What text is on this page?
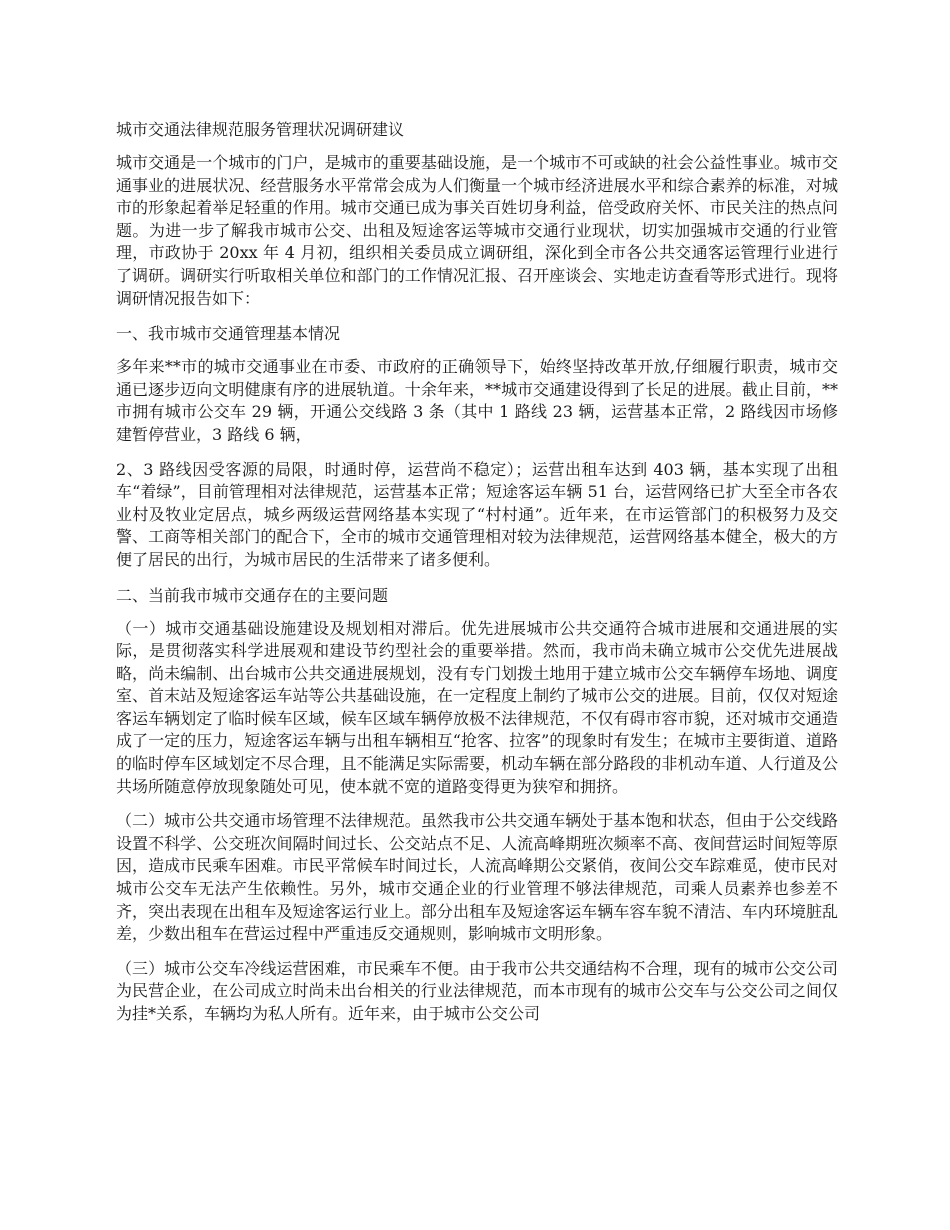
城市交通法律规范服务管理状况调研建议

城市交通是一个城市的门户，是城市的重要基础设施，是一个城市不可或缺的社会公益性事业。城市交通事业的进展状况、经营服务水平常常会成为人们衡量一个城市经济进展水平和综合素养的标准，对城市的形象起着举足轻重的作用。城市交通已成为事关百姓切身利益，倍受政府关怀、市民关注的热点问题。为进一步了解我市城市公交、出租及短途客运等城市交通行业现状，切实加强城市交通的行业管理，市政协于 20xx 年 4 月初，组织相关委员成立调研组，深化到全市各公共交通客运管理行业进行了调研。调研实行听取相关单位和部门的工作情况汇报、召开座谈会、实地走访查看等形式进行。现将调研情况报告如下：

一、我市城市交通管理基本情况

多年来**市的城市交通事业在市委、市政府的正确领导下，始终坚持改革开放,仔细履行职责，城市交通已逐步迈向文明健康有序的进展轨道。十余年来，**城市交通建设得到了长足的进展。截止目前，**市拥有城市公交车 29 辆，开通公交线路 3 条（其中 1 路线 23 辆，运营基本正常，2 路线因市场修建暂停营业，3 路线 6 辆，

2、3 路线因受客源的局限，时通时停，运营尚不稳定）；运营出租车达到 403 辆，基本实现了出租车“着绿”，目前管理相对法律规范，运营基本正常；短途客运车辆 51 台，运营网络已扩大至全市各农业村及牧业定居点，城乡两级运营网络基本实现了“村村通”。近年来，在市运管部门的积极努力及交警、工商等相关部门的配合下，全市的城市交通管理相对较为法律规范，运营网络基本健全，极大的方便了居民的出行，为城市居民的生活带来了诸多便利。

二、当前我市城市交通存在的主要问题

（一）城市交通基础设施建设及规划相对滞后。优先进展城市公共交通符合城市进展和交通进展的实际，是贯彻落实科学进展观和建设节约型社会的重要举措。然而，我市尚未确立城市公交优先进展战略，尚未编制、出台城市公共交通进展规划，没有专门划拨土地用于建立城市公交车辆停车场地、调度室、首末站及短途客运车站等公共基础设施，在一定程度上制约了城市公交的进展。目前，仅仅对短途客运车辆划定了临时候车区域，候车区域车辆停放极不法律规范，不仅有碍市容市貌，还对城市交通造成了一定的压力，短途客运车辆与出租车辆相互“抢客、拉客”的现象时有发生；在城市主要街道、道路的临时停车区域划定不尽合理，且不能满足实际需要，机动车辆在部分路段的非机动车道、人行道及公共场所随意停放现象随处可见，使本就不宽的道路变得更为狭窄和拥挤。

（二）城市公共交通市场管理不法律规范。虽然我市公共交通车辆处于基本饱和状态，但由于公交线路设置不科学、公交班次间隔时间过长、公交站点不足、人流高峰期班次频率不高、夜间营运时间短等原因，造成市民乘车困难。市民平常候车时间过长，人流高峰期公交紧俏，夜间公交车踪难觅，使市民对城市公交车无法产生依赖性。另外，城市交通企业的行业管理不够法律规范，司乘人员素养也参差不齐，突出表现在出租车及短途客运行业上。部分出租车及短途客运车辆车容车貌不清洁、车内环境脏乱差，少数出租车在营运过程中严重违反交通规则，影响城市文明形象。

（三）城市公交车冷线运营困难，市民乘车不便。由于我市公共交通结构不合理，现有的城市公交公司为民营企业，在公司成立时尚未出台相关的行业法律规范，而本市现有的城市公交车与公交公司之间仅为挂*关系，车辆均为私人所有。近年来，由于城市公交公司
